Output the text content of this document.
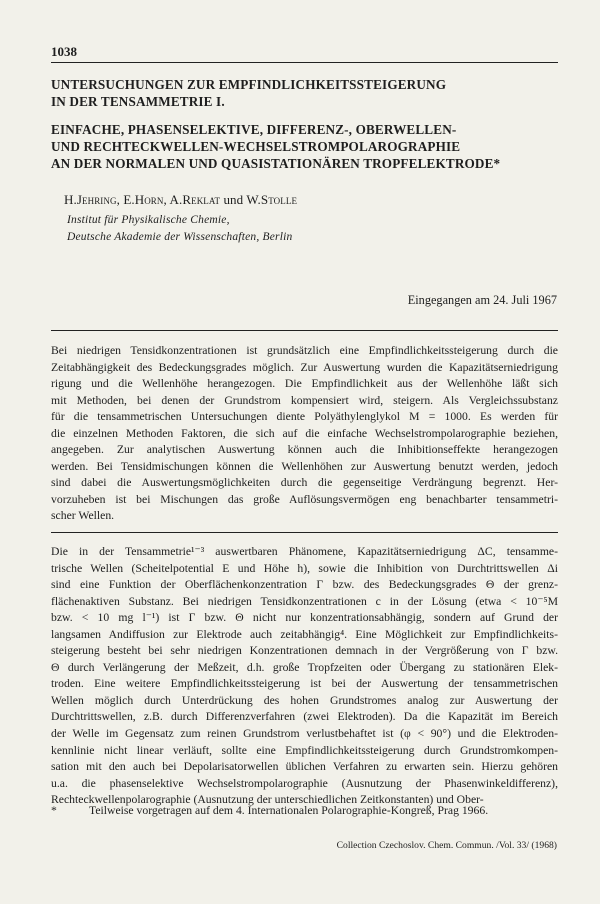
1038
UNTERSUCHUNGEN ZUR EMPFINDLICHKEITSSTEIGERUNG
IN DER TENSAMMETRIE I.
EINFACHE, PHASENSELEKTIVE, DIFFERENZ-, OBERWELLEN-
UND RECHTECKWELLEN-WECHSELSTROMPOLAROGRAPHIE
AN DER NORMALEN UND QUASISTATIONÄREN TROPFELEKTRODE*
H.Jehring, E.Horn, A.Reklat und W.Stolle
Institut für Physikalische Chemie,
Deutsche Akademie der Wissenschaften, Berlin
Eingegangen am 24. Juli 1967
Bei niedrigen Tensidkonzentrationen ist grundsätzlich eine Empfindlichkeitssteigerung durch die
Zeitabhängigkeit des Bedeckungsgrades möglich. Zur Auswertung wurden die Kapazitätserniedrigung
rigung und die Wellenhöhe herangezogen. Die Empfindlichkeit aus der Wellenhöhe läßt sich
mit Methoden, bei denen der Grundstrom kompensiert wird, steigern. Als Vergleichssubstanz
für die tensammetrischen Untersuchungen diente Polyäthylenglykol M = 1000. Es werden für
die einzelnen Methoden Faktoren, die sich auf die einfache Wechselstrompolarographie beziehen,
angegeben. Zur analytischen Auswertung können auch die Inhibitionseffekte herangezogen
werden. Bei Tensidmischungen können die Wellenhöhen zur Auswertung benutzt werden, jedoch
sind dabei die Auswertungsmöglichkeiten durch die gegenseitige Verdrängung begrenzt. Her-
vorzuheben ist bei Mischungen das große Auflösungsvermögen eng benachbarter tensammetri-
scher Wellen.
Die in der Tensammetrie¹⁻³ auswertbaren Phänomene, Kapazitätserniedrigung ΔC, tensamme-
trische Wellen (Scheitelpotential E und Höhe h), sowie die Inhibition von Durchtrittswellen Δi
sind eine Funktion der Oberflächenkonzentration Γ bzw. des Bedeckungsgrades Θ der grenz-
flächenaktiven Substanz. Bei niedrigen Tensidkonzentrationen c in der Lösung (etwa < 10⁻⁵M
bzw. < 10 mg l⁻¹) ist Γ bzw. Θ nicht nur konzentrationsabhängig, sondern auf Grund der
langsamen Andiffusion zur Elektrode auch zeitabhängig⁴. Eine Möglichkeit zur Empfindlichkeits-
steigerung besteht bei sehr niedrigen Konzentrationen demnach in der Vergrößerung von Γ bzw.
Θ durch Verlängerung der Meßzeit, d.h. große Tropfzeiten oder Übergang zu stationären Elek-
troden. Eine weitere Empfindlichkeitssteigerung ist bei der Auswertung der tensammetrischen
Wellen möglich durch Unterdrückung des hohen Grundstromes analog zur Auswertung der
Durchtrittswellen, z.B. durch Differenzverfahren (zwei Elektroden). Da die Kapazität im Bereich
der Welle im Gegensatz zum reinen Grundstrom verlustbehaftet ist (φ < 90°) und die Elektroden-
kennlinie nicht linear verläuft, sollte eine Empfindlichkeitssteigerung durch Grundstromkompen-
sation mit den auch bei Depolarisatorwellen üblichen Verfahren zu erwarten sein. Hierzu gehören
u.a. die phasenselektive Wechselstrompolarographie (Ausnutzung der Phasenwinkeldifferenz),
Rechteckwellenpolarographie (Ausnutzung der unterschiedlichen Zeitkonstanten) und Ober-
*	Teilweise vorgetragen auf dem 4. Internationalen Polarographie-Kongreß, Prag 1966.
Collection Czechoslov. Chem. Commun. /Vol. 33/ (1968)
